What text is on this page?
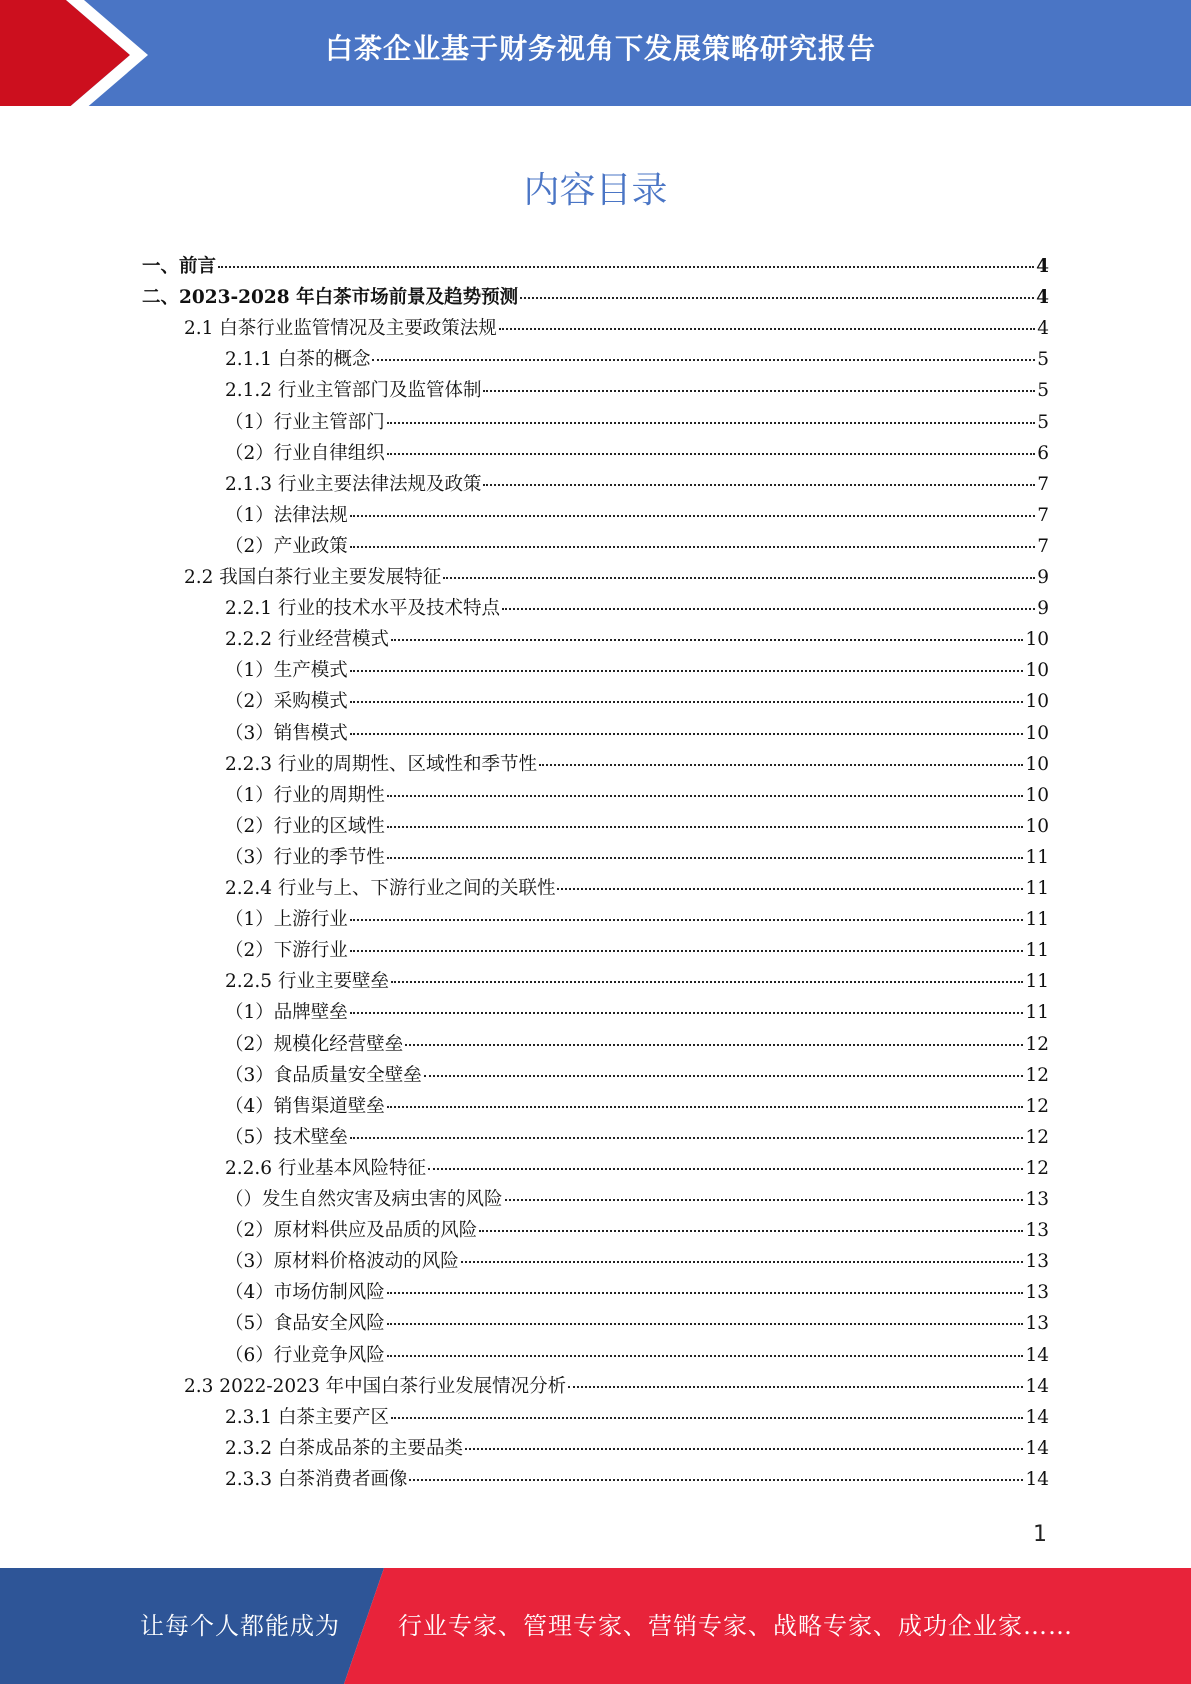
白茶企业基于财务视角下发展策略研究报告
内容目录
一、前言	4
二、2023-2028 年白茶市场前景及趋势预测	4
2.1 白茶行业监管情况及主要政策法规	4
2.1.1 白茶的概念	5
2.1.2 行业主管部门及监管体制	5
（1）行业主管部门	5
（2）行业自律组织	6
2.1.3 行业主要法律法规及政策	7
（1）法律法规	7
（2）产业政策	7
2.2 我国白茶行业主要发展特征	9
2.2.1 行业的技术水平及技术特点	9
2.2.2 行业经营模式	10
（1）生产模式	10
（2）采购模式	10
（3）销售模式	10
2.2.3 行业的周期性、区域性和季节性	10
（1）行业的周期性	10
（2）行业的区域性	10
（3）行业的季节性	11
2.2.4 行业与上、下游行业之间的关联性	11
（1）上游行业	11
（2）下游行业	11
2.2.5 行业主要壁垒	11
（1）品牌壁垒	11
（2）规模化经营壁垒	12
（3）食品质量安全壁垒	12
（4）销售渠道壁垒	12
（5）技术壁垒	12
2.2.6 行业基本风险特征	12
（）发生自然灾害及病虫害的风险	13
（2）原材料供应及品质的风险	13
（3）原材料价格波动的风险	13
（4）市场仿制风险	13
（5）食品安全风险	13
（6）行业竞争风险	14
2.3 2022-2023 年中国白茶行业发展情况分析	14
2.3.1 白茶主要产区	14
2.3.2 白茶成品茶的主要品类	14
2.3.3 白茶消费者画像	14
1
让每个人都能成为 行业专家、管理专家、营销专家、战略专家、成功企业家……
